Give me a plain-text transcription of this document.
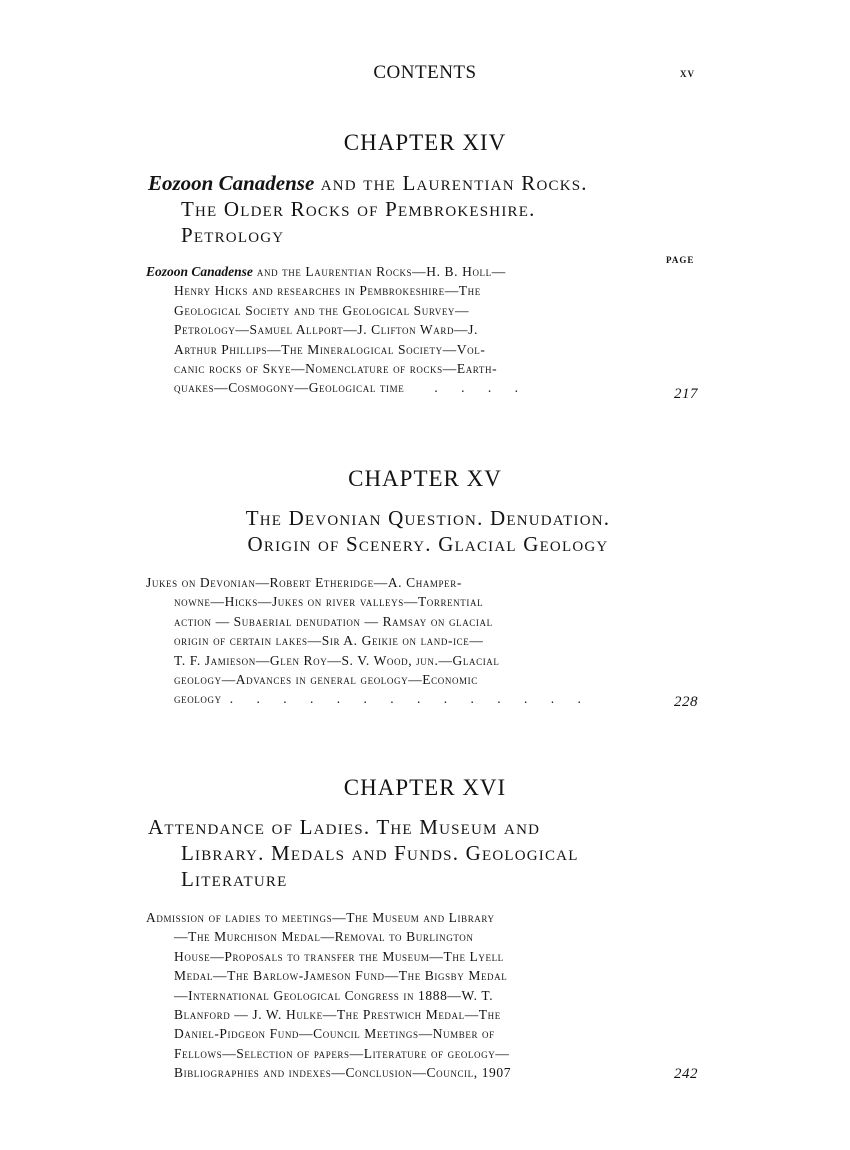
CONTENTS	xv
CHAPTER XIV
Eozoon Canadense and the Laurentian Rocks.
The Older Rocks of Pembrokeshire.
Petrology
PAGE
Eozoon Canadense and the Laurentian Rocks—H. B. Holl—
Henry Hicks and researches in Pembrokeshire—The
Geological Society and the Geological Survey—
Petrology—Samuel Allport—J. Clifton Ward—J.
Arthur Phillips—The Mineralogical Society—Vol-
canic rocks of Skye—Nomenclature of rocks—Earth-
quakes—Cosmogony—Geological time . . . .	217
CHAPTER XV
The Devonian Question. Denudation.
Origin of Scenery. Glacial Geology
Jukes on Devonian—Robert Etheridge—A. Champer-
nowne—Hicks—Jukes on river valleys—Torrential
action — Subaerial denudation — Ramsay on glacial
origin of certain lakes—Sir A. Geikie on land-ice—
T. F. Jamieson—Glen Roy—S. V. Wood, jun.—Glacial
geology—Advances in general geology—Economic
geology . . . . . . . . . . . . . .	228
CHAPTER XVI
Attendance of Ladies. The Museum and
Library. Medals and Funds. Geological
Literature
Admission of ladies to meetings—The Museum and Library
—The Murchison Medal—Removal to Burlington
House—Proposals to transfer the Museum—The Lyell
Medal—The Barlow-Jameson Fund—The Bigsby Medal
—International Geological Congress in 1888—W. T.
Blanford — J. W. Hulke—The Prestwich Medal—The
Daniel-Pidgeon Fund—Council Meetings—Number of
Fellows—Selection of papers—Literature of geology—
Bibliographies and indexes—Conclusion—Council, 1907	242
